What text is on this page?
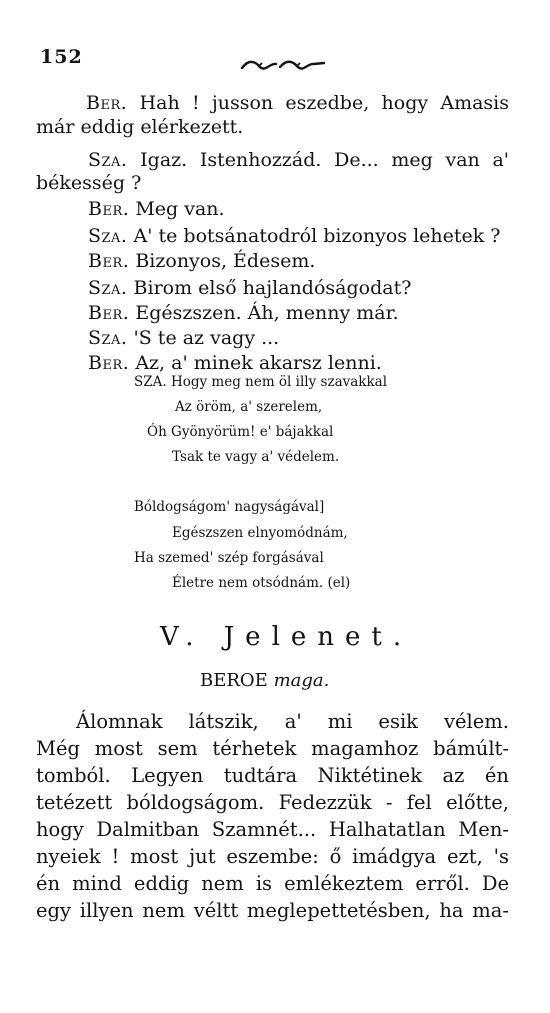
152
Ber. Hah ! jusson eszedbe, hogy Amasis
már eddig elérkezett.
Sza. Igaz. Istenhozzád. De... meg van a'
békesség ?
Ber. Meg van.
Sza. A' te botsánatodról bizonyos lehetek ?
Ber. Bizonyos, Édesem.
Sza. Birom első hajlandóságodat?
Ber. Egészszen. Áh, menny már.
Sza. 'S te az vagy ...
Ber. Az, a' minek akarsz lenni.
SZA. Hogy meg nem öl illy szavakkal
Az öröm, a' szerelem,
Óh Gyönyörüm! e' bájakkal
Tsak te vagy a' védelem.
Bóldogságom' nagyságával]
Egészszen elnyomódnám,
Ha szemed' szép forgásával
Életre nem otsódnám. (el)
V. Jelenet.
BEROE maga.
Álomnak látszik, a' mi esik vélem.
Még most sem térhetek magamhoz bámúlt-
tomból. Legyen tudtára Niktétinek az én
tetézett bóldogságom. Fedezzük - fel előtte,
hogy Dalmitban Szamnét... Halhatatlan Men-
nyeiek ! most jut eszembe: ő imádgya ezt, 's
én mind eddig nem is emlékeztem erről. De
egy illyen nem véltt meglepettetésben, ha ma-
